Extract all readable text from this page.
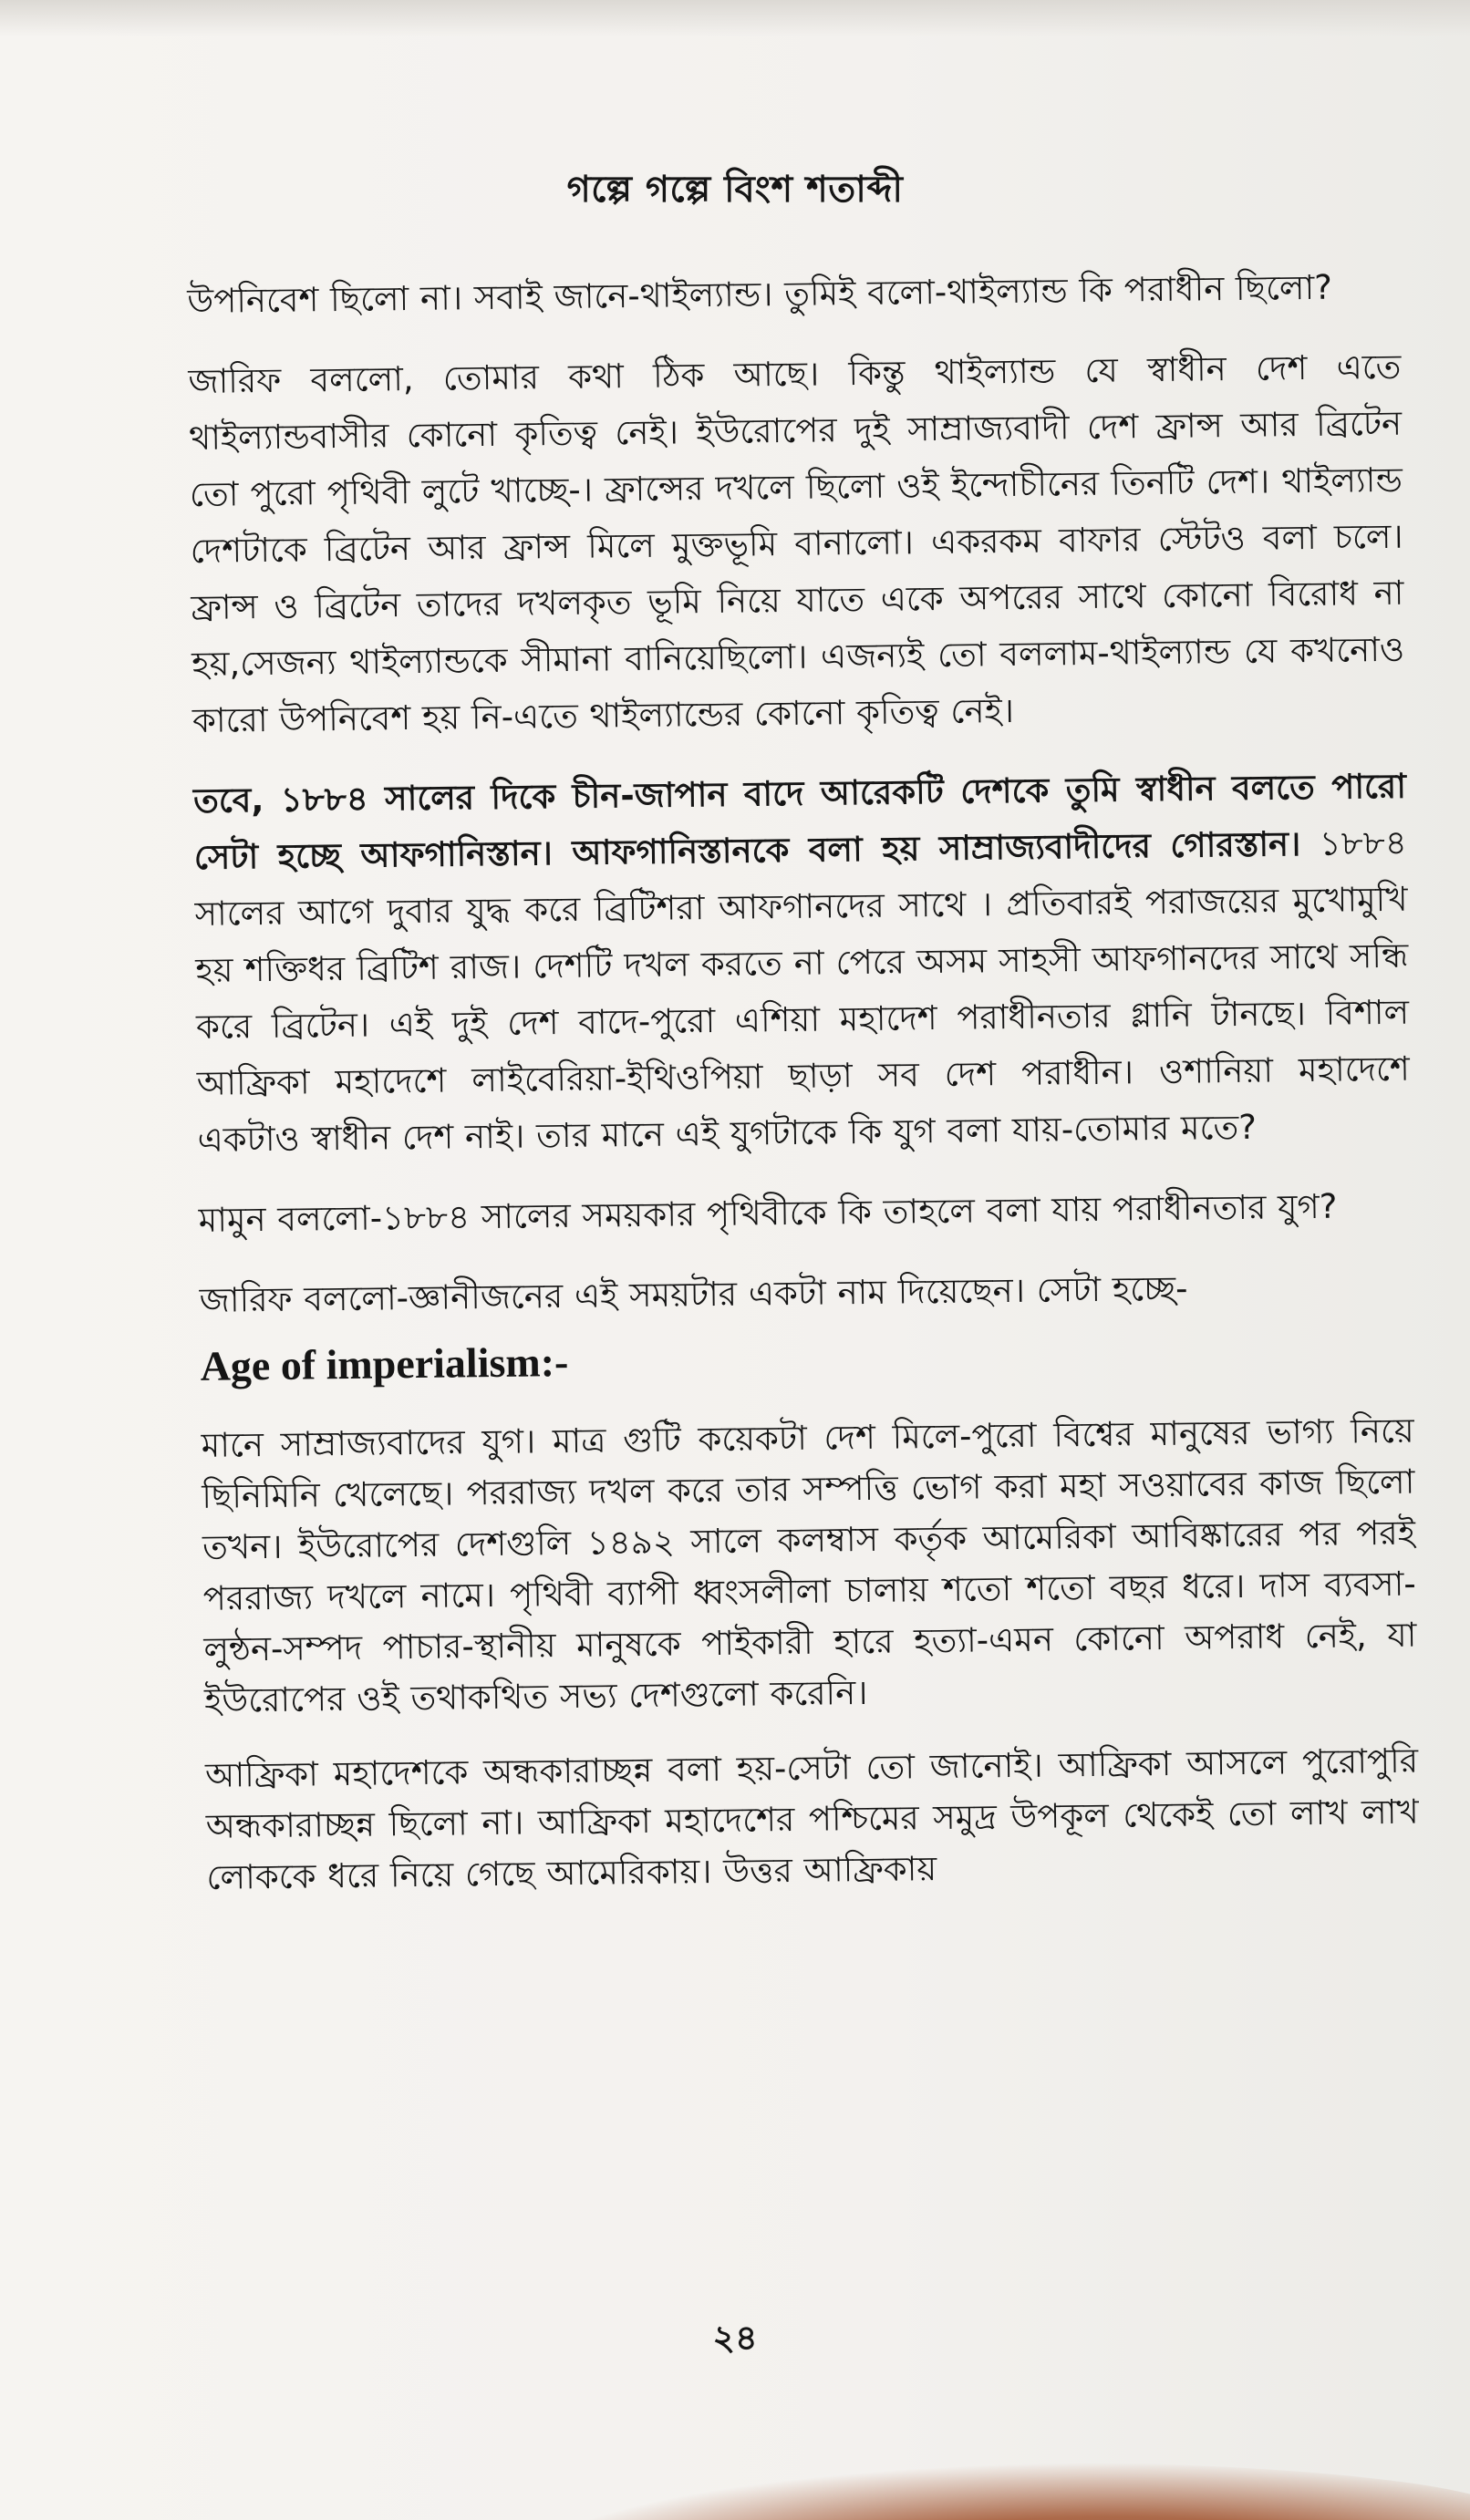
গল্পে গল্পে বিংশ শতাব্দী

উপনিবেশ ছিলো না। সবাই জানে-থাইল্যান্ড। তুমিই বলো-থাইল্যান্ড কি পরাধীন ছিলো?

জারিফ বললো, তোমার কথা ঠিক আছে। কিন্তু থাইল্যান্ড যে স্বাধীন দেশ এতে থাইল্যান্ডবাসীর কোনো কৃতিত্ব নেই। ইউরোপের দুই সাম্রাজ্যবাদী দেশ ফ্রান্স আর ব্রিটেন তো পুরো পৃথিবী লুটে খাচ্ছে-। ফ্রান্সের দখলে ছিলো ওই ইন্দোচীনের তিনটি দেশ। থাইল্যান্ড দেশটাকে ব্রিটেন আর ফ্রান্স মিলে মুক্তভূমি বানালো। একরকম বাফার স্টেটও বলা চলে। ফ্রান্স ও ব্রিটেন তাদের দখলকৃত ভূমি নিয়ে যাতে একে অপরের সাথে কোনো বিরোধ না হয়,সেজন্য থাইল্যান্ডকে সীমানা বানিয়েছিলো। এজন্যই তো বললাম-থাইল্যান্ড যে কখনোও কারো উপনিবেশ হয় নি-এতে থাইল্যান্ডের কোনো কৃতিত্ব নেই।

তবে, ১৮৮৪ সালের দিকে চীন-জাপান বাদে আরেকটি দেশকে তুমি স্বাধীন বলতে পারো সেটা হচ্ছে আফগানিস্তান। আফগানিস্তানকে বলা হয় সাম্রাজ্যবাদীদের গোরস্তান। ১৮৮৪ সালের আগে দুবার যুদ্ধ করে ব্রিটিশরা আফগানদের সাথে । প্রতিবারই পরাজয়ের মুখোমুখি হয় শক্তিধর ব্রিটিশ রাজ। দেশটি দখল করতে না পেরে অসম সাহসী আফগানদের সাথে সন্ধি করে ব্রিটেন। এই দুই দেশ বাদে-পুরো এশিয়া মহাদেশ পরাধীনতার গ্লানি টানছে। বিশাল আফ্রিকা মহাদেশে লাইবেরিয়া-ইথিওপিয়া ছাড়া সব দেশ পরাধীন। ওশানিয়া মহাদেশে একটাও স্বাধীন দেশ নাই। তার মানে এই যুগটাকে কি যুগ বলা যায়-তোমার মতে?

মামুন বললো-১৮৮৪ সালের সময়কার পৃথিবীকে কি তাহলে বলা যায় পরাধীনতার যুগ?

জারিফ বললো-জ্ঞানীজনের এই সময়টার একটা নাম দিয়েছেন। সেটা হচ্ছে-

Age of imperialism:-

মানে সাম্রাজ্যবাদের যুগ। মাত্র গুটি কয়েকটা দেশ মিলে-পুরো বিশ্বের মানুষের ভাগ্য নিয়ে ছিনিমিনি খেলেছে। পররাজ্য দখল করে তার সম্পত্তি ভোগ করা মহা সওয়াবের কাজ ছিলো তখন। ইউরোপের দেশগুলি ১৪৯২ সালে কলম্বাস কর্তৃক আমেরিকা আবিষ্কারের পর পরই পররাজ্য দখলে নামে। পৃথিবী ব্যাপী ধ্বংসলীলা চালায় শতো শতো বছর ধরে। দাস ব্যবসা-লুন্ঠন-সম্পদ পাচার-স্থানীয় মানুষকে পাইকারী হারে হত্যা-এমন কোনো অপরাধ নেই, যা ইউরোপের ওই তথাকথিত সভ্য দেশগুলো করেনি।

আফ্রিকা মহাদেশকে অন্ধকারাচ্ছন্ন বলা হয়-সেটা তো জানোই। আফ্রিকা আসলে পুরোপুরি অন্ধকারাচ্ছন্ন ছিলো না। আফ্রিকা মহাদেশের পশ্চিমের সমুদ্র উপকূল থেকেই তো লাখ লাখ লোককে ধরে নিয়ে গেছে আমেরিকায়। উত্তর আফ্রিকায়

২৪
